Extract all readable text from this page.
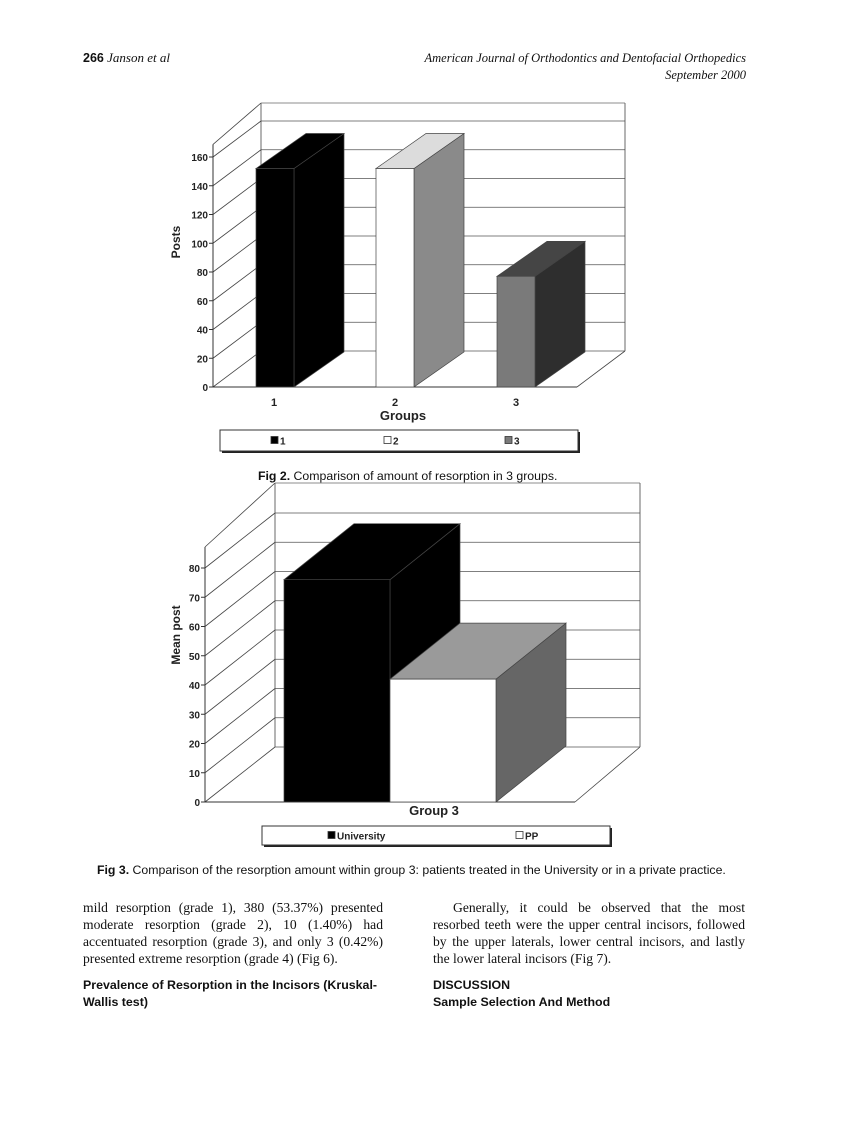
266 Janson et al	American Journal of Orthodontics and Dentofacial Orthopedics
September 2000
0
20
40
60
80
100
120
140
160
Posts
Groups
1	2	3
1	2	3
0
10
20
30
40
50
60
70
80
Mean post
Group 3
University	PP
Fig 2. Comparison of amount of resorption in 3 groups.
Fig 3. Comparison of the resorption amount within group 3: patients treated in the University or in a private practice.

mild resorption (grade 1), 380 (53.37%) presented moderate resorption (grade 2), 10 (1.40%) had accentuated resorption (grade 3), and only 3 (0.42%) presented extreme resorption (grade 4) (Fig 6).

Prevalence of Resorption in the Incisors (Kruskal-Wallis test)

Generally, it could be observed that the most resorbed teeth were the upper central incisors, followed by the upper laterals, lower central incisors, and lastly the lower lateral incisors (Fig 7).

DISCUSSION
Sample Selection And Method
